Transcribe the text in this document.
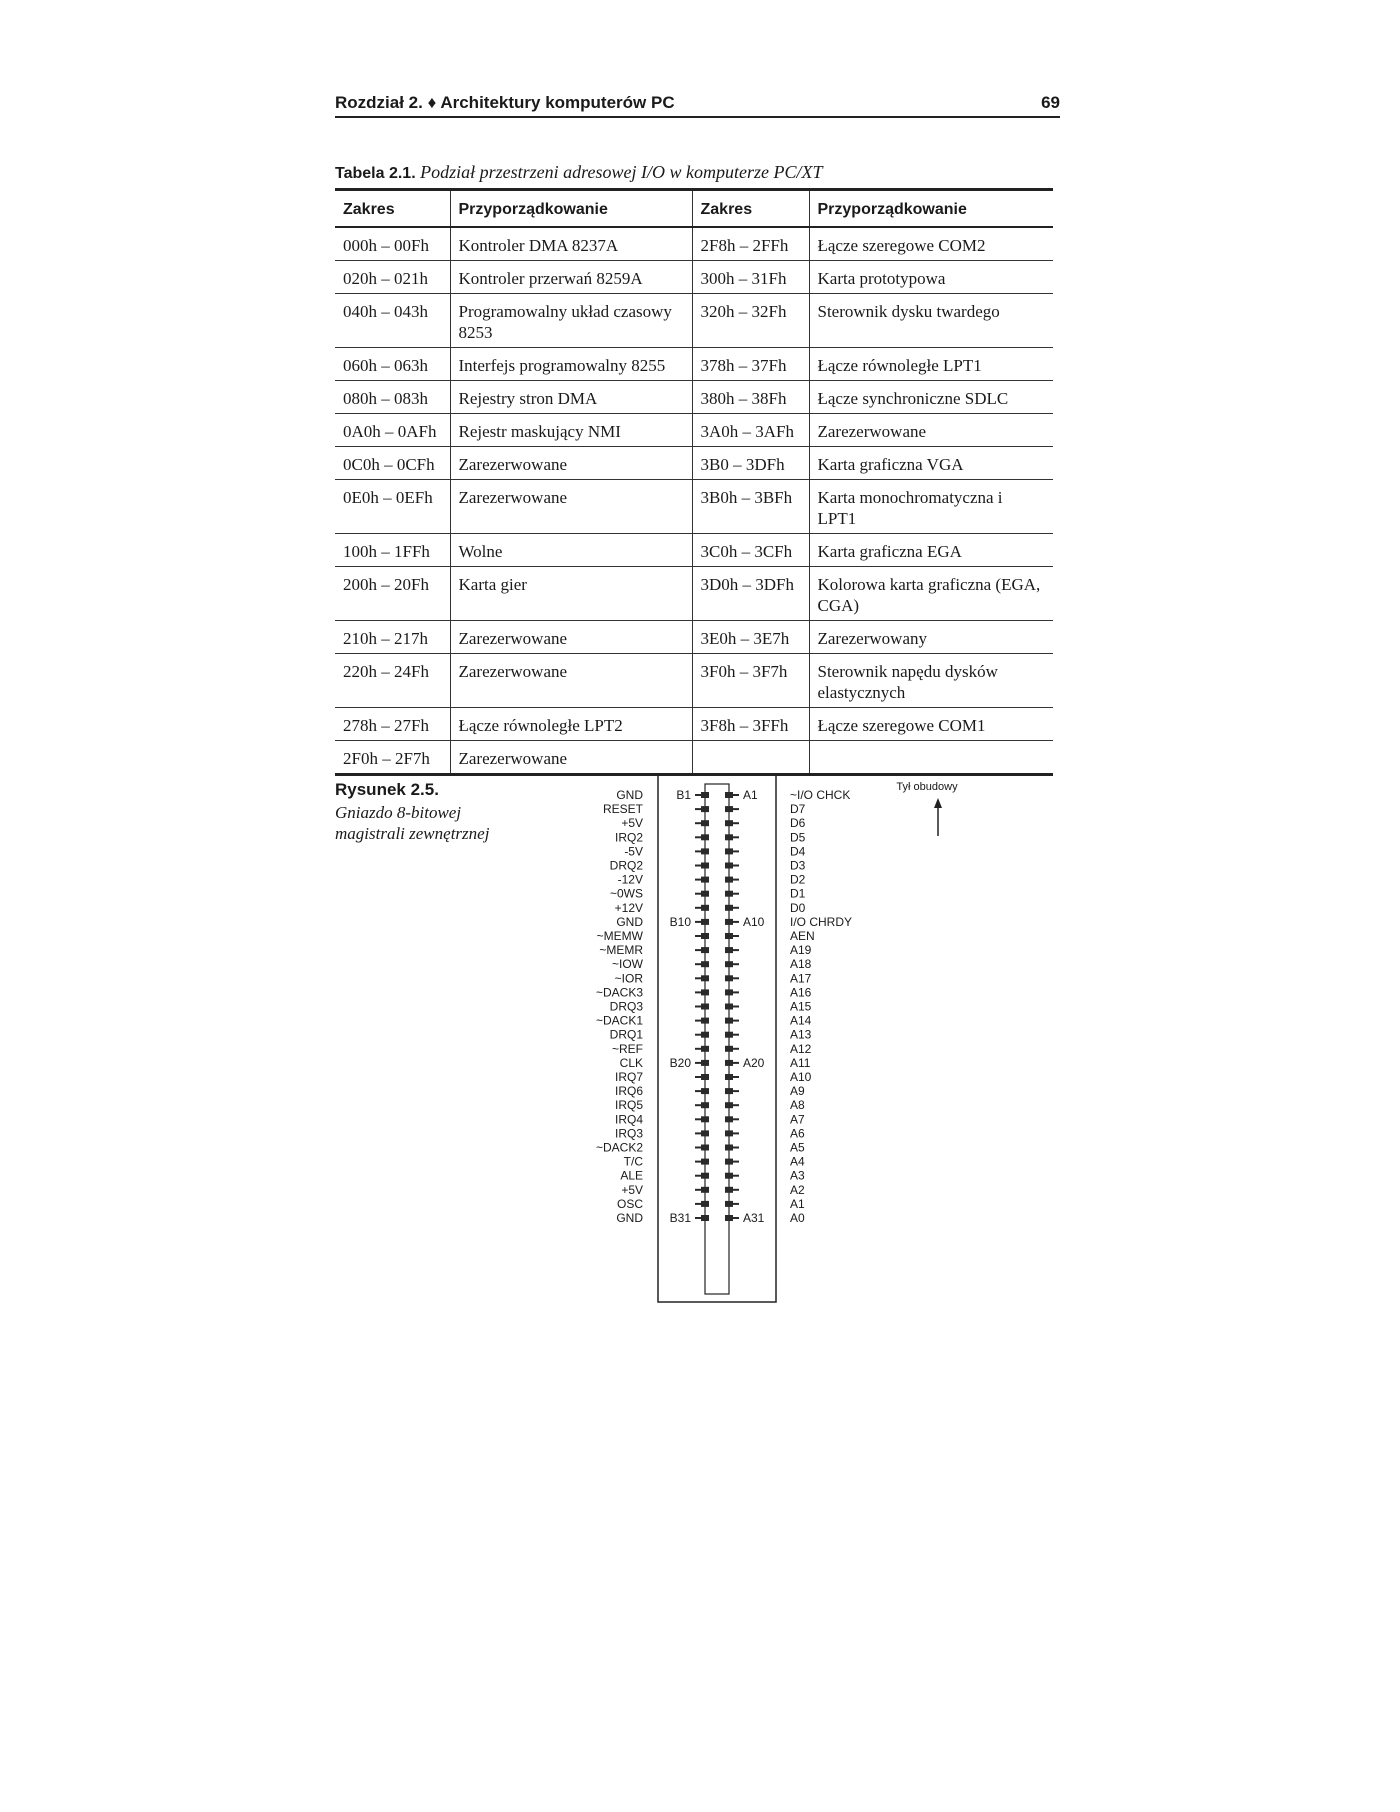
Rozdział 2. ♦ Architektury komputerów PC	69
Tabela 2.1. Podział przestrzeni adresowej I/O w komputerze PC/XT
Zakres	Przyporządkowanie	Zakres	Przyporządkowanie
000h – 00Fh	Kontroler DMA 8237A	2F8h – 2FFh	Łącze szeregowe COM2
020h – 021h	Kontroler przerwań 8259A	300h – 31Fh	Karta prototypowa
040h – 043h	Programowalny układ czasowy 8253	320h – 32Fh	Sterownik dysku twardego
060h – 063h	Interfejs programowalny 8255	378h – 37Fh	Łącze równoległe LPT1
080h – 083h	Rejestry stron DMA	380h – 38Fh	Łącze synchroniczne SDLC
0A0h – 0AFh	Rejestr maskujący NMI	3A0h – 3AFh	Zarezerwowane
0C0h – 0CFh	Zarezerwowane	3B0 – 3DFh	Karta graficzna VGA
0E0h – 0EFh	Zarezerwowane	3B0h – 3BFh	Karta monochromatyczna i LPT1
100h – 1FFh	Wolne	3C0h – 3CFh	Karta graficzna EGA
200h – 20Fh	Karta gier	3D0h – 3DFh	Kolorowa karta graficzna (EGA, CGA)
210h – 217h	Zarezerwowane	3E0h – 3E7h	Zarezerwowany
220h – 24Fh	Zarezerwowane	3F0h – 3F7h	Sterownik napędu dysków elastycznych
278h – 27Fh	Łącze równoległe LPT2	3F8h – 3FFh	Łącze szeregowe COM1
2F0h – 2F7h	Zarezerwowane		
Rysunek 2.5.
Gniazdo 8-bitowej magistrali zewnętrznej
B1	A1
B10	A10
B20	A20
B31	A31
Tył obudowy
GND	~I/O CHCK
RESET	D7
+5V	D6
IRQ2	D5
-5V	D4
DRQ2	D3
-12V	D2
~0WS	D1
+12V	D0
GND	I/O CHRDY
~MEMW	AEN
~MEMR	A19
~IOW	A18
~IOR	A17
~DACK3	A16
DRQ3	A15
~DACK1	A14
DRQ1	A13
~REF	A12
CLK	A11
IRQ7	A10
IRQ6	A9
IRQ5	A8
IRQ4	A7
IRQ3	A6
~DACK2	A5
T/C	A4
ALE	A3
+5V	A2
OSC	A1
GND	A0
